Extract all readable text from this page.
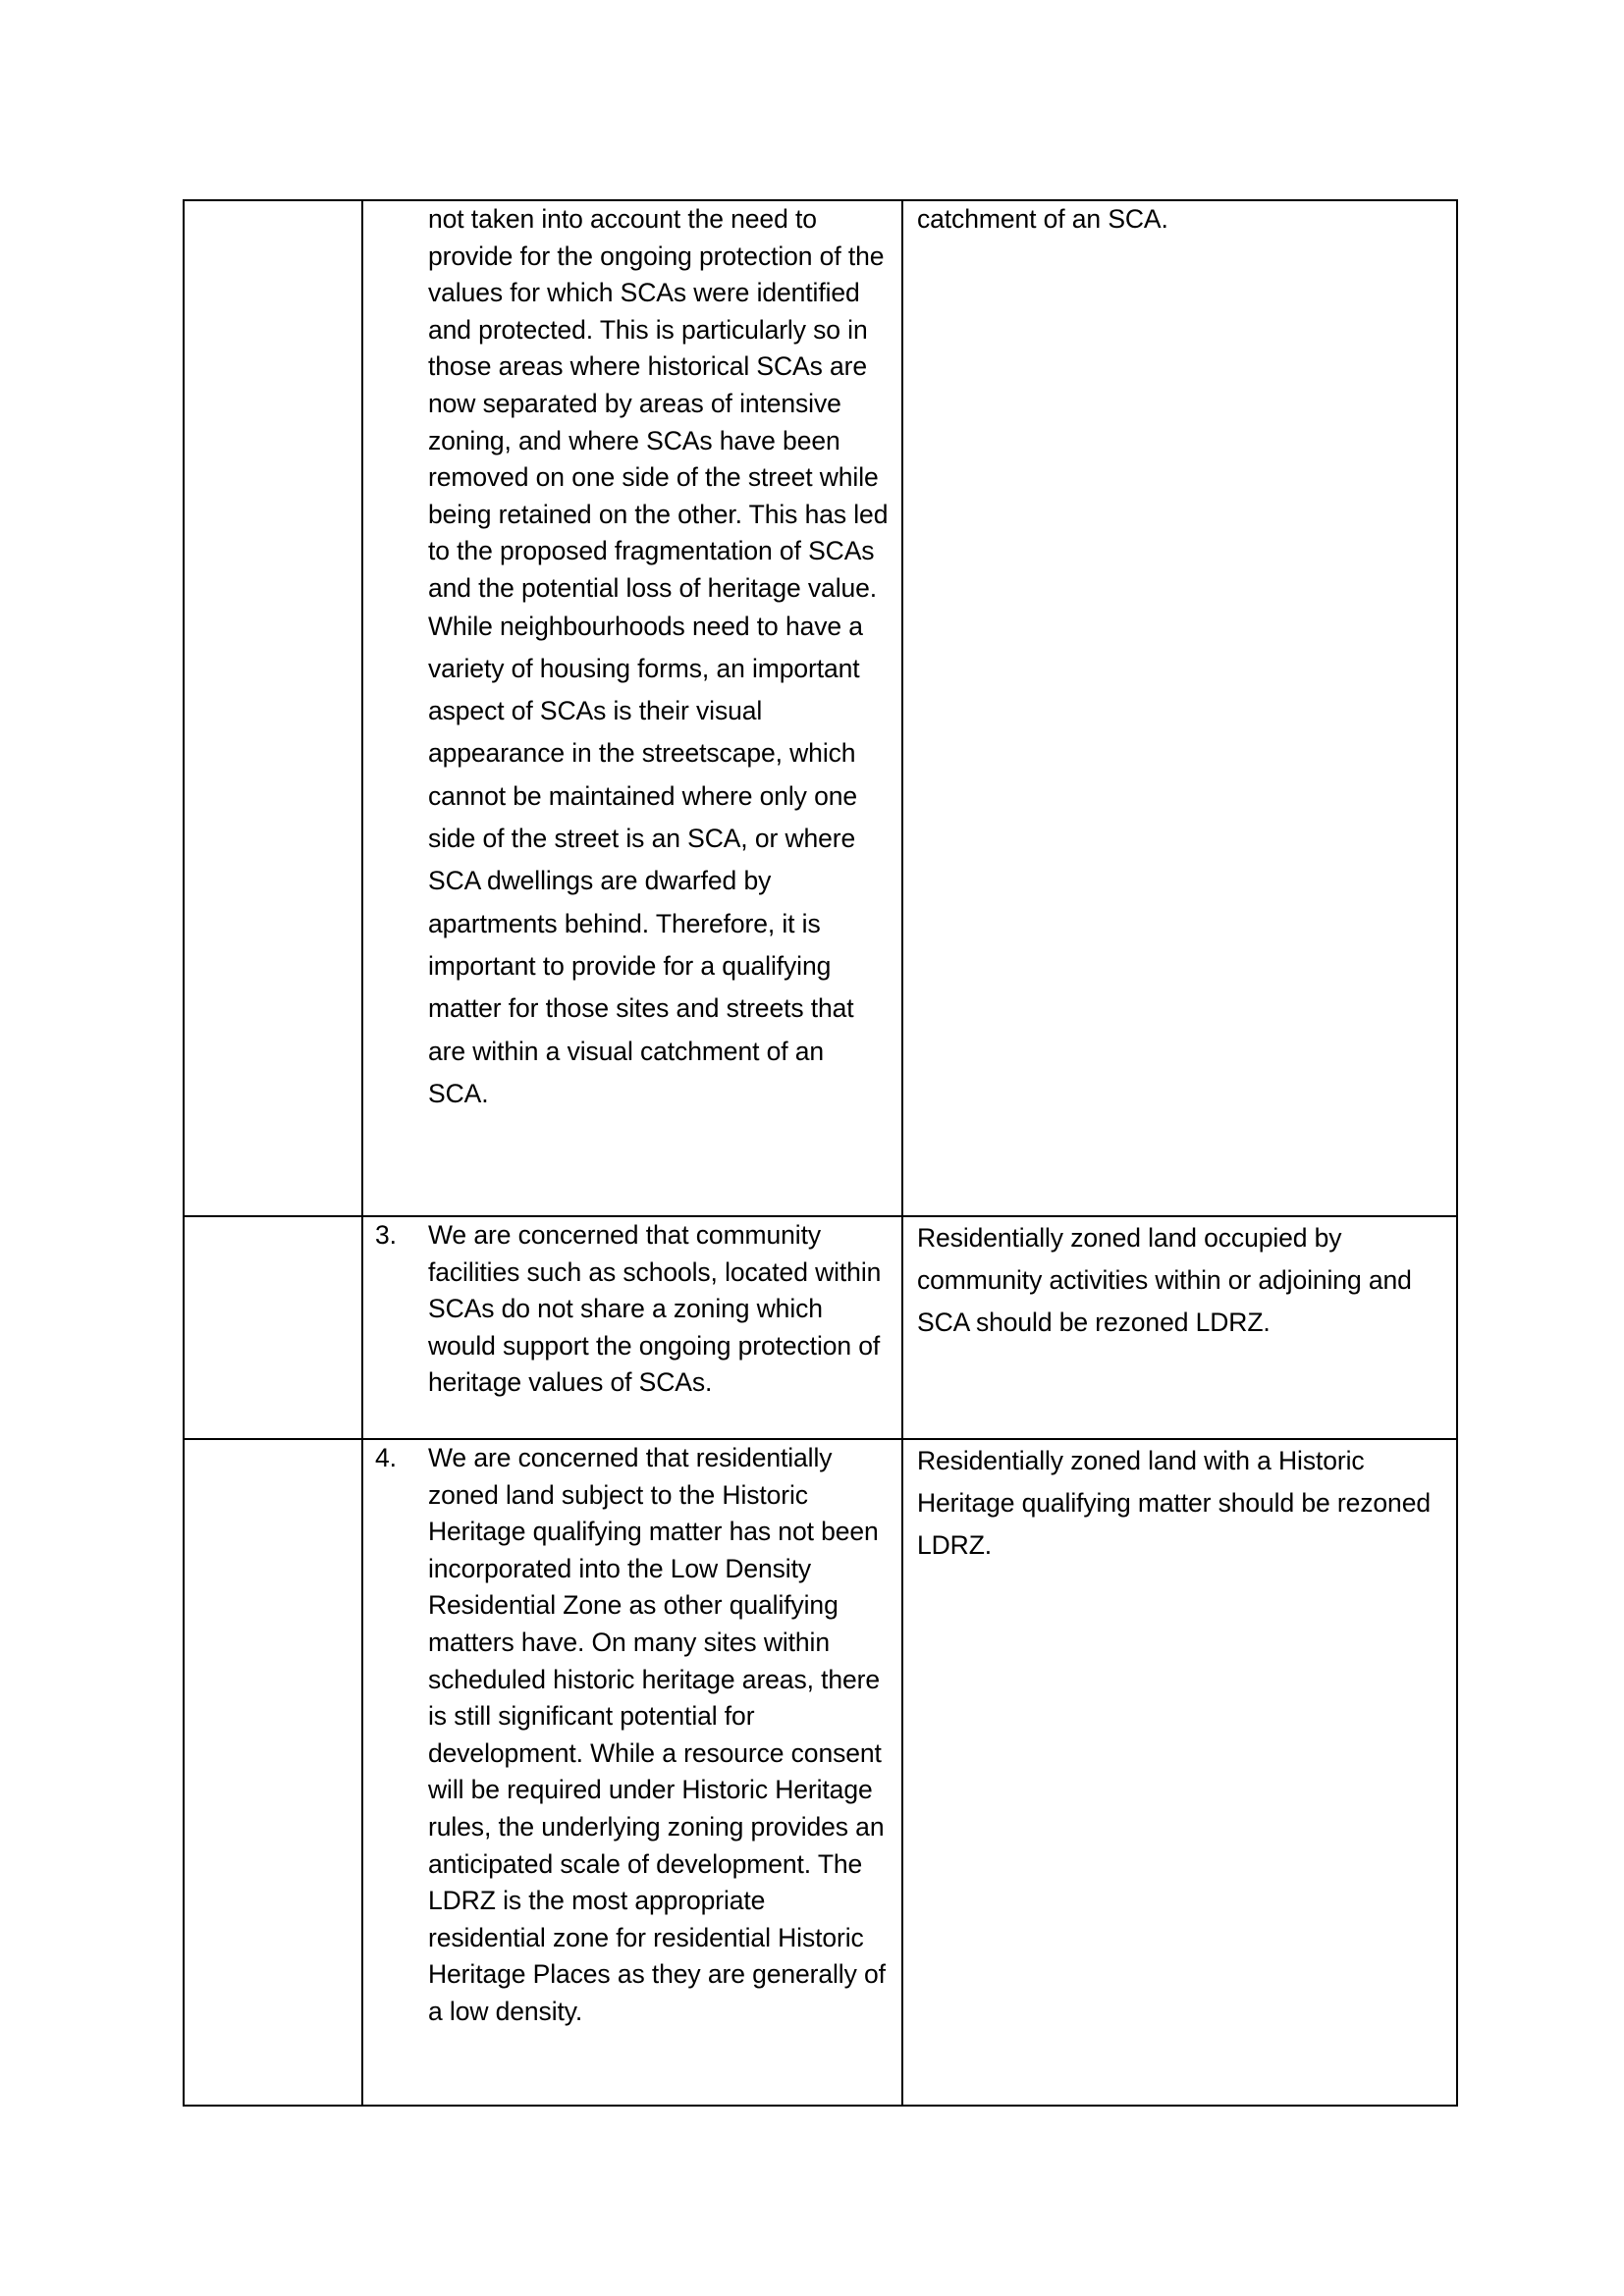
	not taken into account the need to provide for the ongoing protection of the values for which SCAs were identified and protected. This is particularly so in those areas where historical SCAs are now separated by areas of intensive zoning, and where SCAs have been removed on one side of the street while being retained on the other. This has led to the proposed fragmentation of SCAs and the potential loss of heritage value.
While neighbourhoods need to have a variety of housing forms, an important aspect of SCAs is their visual appearance in the streetscape, which cannot be maintained where only one side of the street is an SCA, or where SCA dwellings are dwarfed by apartments behind. Therefore, it is important to provide for a qualifying matter for those sites and streets that are within a visual catchment of an SCA.	catchment of an SCA.

	3. We are concerned that community facilities such as schools, located within SCAs do not share a zoning which would support the ongoing protection of heritage values of SCAs.	Residentially zoned land occupied by community activities within or adjoining and SCA should be rezoned LDRZ.

	4. We are concerned that residentially zoned land subject to the Historic Heritage qualifying matter has not been incorporated into the Low Density Residential Zone as other qualifying matters have. On many sites within scheduled historic heritage areas, there is still significant potential for development. While a resource consent will be required under Historic Heritage rules, the underlying zoning provides an anticipated scale of development. The LDRZ is the most appropriate residential zone for residential Historic Heritage Places as they are generally of a low density.	Residentially zoned land with a Historic Heritage qualifying matter should be rezoned LDRZ.
